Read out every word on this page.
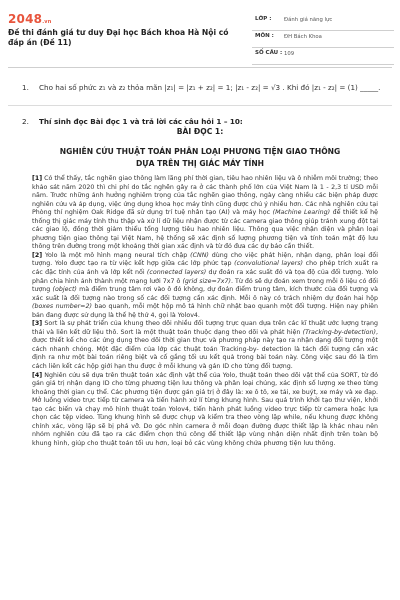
2048.vn
Đề thi đánh giá tư duy Đại học Bách khoa Hà Nội có đáp án (Đề 11)
LỚP : Đánh giá năng lực
MÔN : ĐH Bách Khoa
SỐ CÂU : 109
1. Cho hai số phức z₁ và z₂ thỏa mãn |z₁| = |z₁ + z₂| = 1; |z₁ - z₂| = √3 . Khi đó |z₁ - z₂| = (1) _____.
2. Thí sinh đọc Bài đọc 1 và trả lời các câu hỏi 1 – 10:
BÀI ĐỌC 1:
NGHIÊN CỨU THUẬT TOÁN PHÂN LOẠI PHƯƠNG TIỆN GIAO THÔNG
DỰA TRÊN THỊ GIÁC MÁY TÍNH

[1] Có thể thấy, tắc nghẽn giao thông làm lãng phí thời gian, tiêu hao nhiên liệu và ô nhiễm môi trường; theo khảo sát năm 2020 thì chi phí do tắc nghẽn gây ra ở các thành phố lớn của Việt Nam là 1 - 2,3 tỉ USD mỗi năm. Trước những ảnh hưởng nghiêm trọng của tắc nghẽn giao thông, ngày càng nhiều các biện pháp được nghiên cứu và áp dụng, việc ứng dụng khoa học máy tính cũng được chú ý nhiều hơn. Các nhà nghiên cứu tại Phòng thí nghiệm Oak Ridge đã sử dụng trí tuệ nhân tạo (AI) và máy học (Machine Learing) để thiết kế hệ thống thị giác máy tính thu thập và xử lí dữ liệu nhận được từ các camera giao thông giúp tránh xung đột tại các giao lộ, đồng thời giảm thiểu tổng lượng tiêu hao nhiên liệu. Thông qua việc nhận diện và phân loại phương tiện giao thông tại Việt Nam, hệ thống sẽ xác định số lượng phương tiện và tính toán mật độ lưu thông trên đường trong một khoảng thời gian xác định và từ đó đưa các dự báo cần thiết.

[2] Yolo là một mô hình mạng neural tích chập (CNN) dùng cho việc phát hiện, nhận dạng, phân loại đối tượng. Yolo được tạo ra từ việc kết hợp giữa các lớp phức tạp (convolutional layers) cho phép trích xuất ra các đặc tính của ảnh và lớp kết nối (connected layers) dự đoán ra xác suất đó và tọa độ của đối tượng. Yolo phân chia hình ảnh thành một mạng lưới 7x7 ô (grid size=7x7). Từ đó sẽ dự đoán xem trong mỗi ô liệu có đối tượng (object) mà điểm trung tâm rơi vào ô đó không, dự đoán điểm trung tâm, kích thước của đối tượng và xác suất là đối tượng nào trong số các đối tượng cần xác định. Mỗi ô này có trách nhiệm dự đoán hai hộp (boxes number=2) bao quanh, mỗi một hộp mô tả hình chữ nhật bao quanh một đối tượng. Hiện nay phiên bản đang được sử dụng là thế hệ thứ 4, gọi là Yolov4.

[3] Sort là sự phát triển của khung theo dõi nhiều đối tượng trực quan dựa trên các kĩ thuật ước lượng trạng thái và liên kết dữ liệu thô. Sort là một thuật toán thuộc dạng theo dõi và phát hiện (Tracking-by-detection), được thiết kế cho các ứng dụng theo dõi thời gian thực và phương pháp này tạo ra nhận dạng đối tượng một cách nhanh chóng. Một đặc điểm của lớp các thuật toán Tracking-by- detection là tách đối tượng cần xác định ra như một bài toán riêng biệt và cố gắng tối ưu kết quả trong bài toán này. Công việc sau đó là tìm cách liên kết các hộp giới hạn thu được ở mỗi khung và gán ID cho từng đối tượng.

[4] Nghiên cứu sẽ dựa trên thuật toán xác định vật thể của Yolo, thuật toán theo dõi vật thể của SORT, từ đó gán giá trị nhận dạng ID cho từng phương tiện lưu thông và phân loại chúng, xác định số lượng xe theo từng khoảng thời gian cụ thể. Các phương tiện được gán giá trị ở đây là: xe ô tô, xe tải, xe buýt, xe máy và xe đạp. Mở luồng video trực tiếp từ camera và tiến hành xử lí từng khung hình. Sau quá trình khởi tạo thư viện, khởi tạo các biến và chạy mô hình thuật toán Yolov4, tiến hành phát luồng video trực tiếp từ camera hoặc lựa chọn các tệp video. Tùng khung hình sẽ được chụp và kiểm tra theo vòng lặp while, nếu khung được không chính xác, vòng lặp sẽ bị phá vỡ. Do góc nhìn camera ở mỗi đoạn đường được thiết lập là khác nhau nên nhóm nghiên cứu đã tạo ra các điểm chọn thủ công để thiết lập vùng nhận diện nhất định trên toàn bộ khung hình, giúp cho thuật toán tối ưu hơn, loại bỏ các vùng không chứa phương tiện lưu thông.
